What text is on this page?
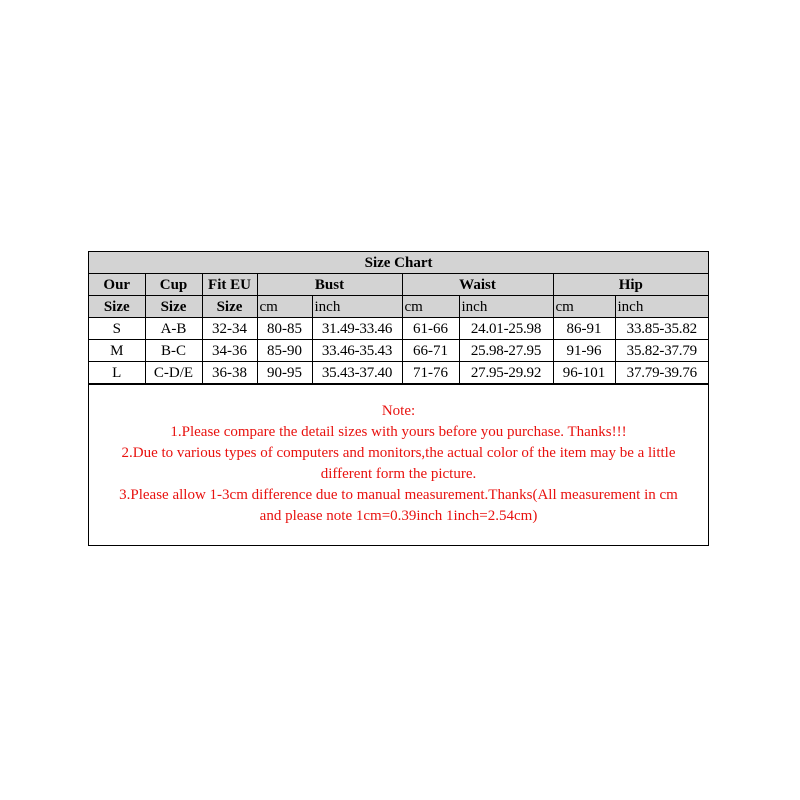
Size Chart								
Our	Cup	Fit EU	Bust		Waist		Hip	
Size	Size	Size	cm	inch	cm	inch	cm	inch
S	A-B	32-34	80-85	31.49-33.46	61-66	24.01-25.98	86-91	33.85-35.82
M	B-C	34-36	85-90	33.46-35.43	66-71	25.98-27.95	91-96	35.82-37.79
L	C-D/E	36-38	90-95	35.43-37.40	71-76	27.95-29.92	96-101	37.79-39.76
Note:
1.Please compare the detail sizes with yours before you purchase. Thanks!!!
2.Due to various types of computers and monitors,the actual color of the item may be a little
different form the picture.
3.Please allow 1-3cm difference due to manual measurement.Thanks(All measurement in cm
and please note 1cm=0.39inch 1inch=2.54cm)
